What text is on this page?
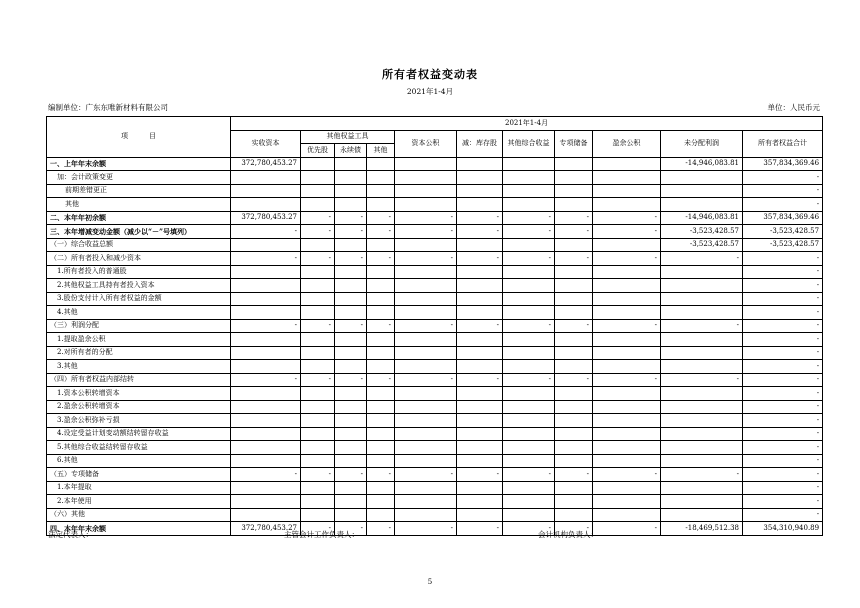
所有者权益变动表
2021年1-4月
编制单位：广东东唯新材料有限公司	单位：人民币元
项　　　目	2021年1-4月										
	实收资本	其他权益工具			资本公积	减：库存股	其他综合收益	专项储备	盈余公积	未分配利润	所有者权益合计
		优先股	永续债	其他							
一、上年年末余额	372,780,453.27									-14,946,083.81	357,834,369.46
加：会计政策变更											-
前期差错更正											-
其他											-
二、本年年初余额	372,780,453.27	-	-	-	-	-	-	-	-	-14,946,083.81	357,834,369.46
三、本年增减变动金额（减少以“－”号填列）	-	-	-	-	-	-	-	-	-	-3,523,428.57	-3,523,428.57
（一）综合收益总额										-3,523,428.57	-3,523,428.57
（二）所有者投入和减少资本	-	-	-	-	-	-	-	-	-	-	-
1.所有者投入的普通股											-
2.其他权益工具持有者投入资本											-
3.股份支付计入所有者权益的金额											-
4.其他											-
（三）利润分配	-	-	-	-	-	-	-	-	-	-	-
1.提取盈余公积											-
2.对所有者的分配											-
3.其他											-
（四）所有者权益内部结转	-	-	-	-	-	-	-	-	-	-	-
1.资本公积转增资本											-
2.盈余公积转增资本											-
3.盈余公积弥补亏损											-
4.设定受益计划变动额结转留存收益											-
5.其他综合收益结转留存收益											-
6.其他											-
（五）专项储备	-	-	-	-	-	-	-	-	-	-	-
1.本年提取											-
2.本年使用											-
（六）其他											-
四、本年年末余额	372,780,453.27	-	-	-	-	-	-	-	-	-18,469,512.38	354,310,940.89
法定代表人：	主管会计工作负责人：	会计机构负责人：
5
